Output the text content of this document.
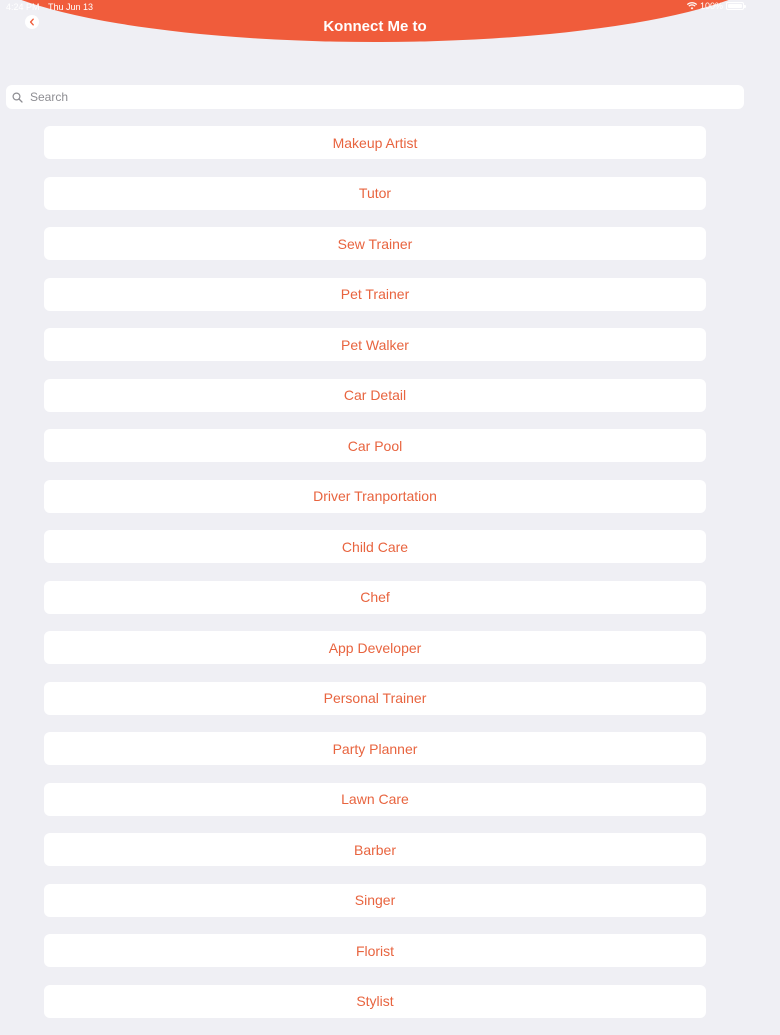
4:24 PM Thu Jun 13	100%
Konnect Me to
Search
Makeup Artist
Tutor
Sew Trainer
Pet Trainer
Pet Walker
Car Detail
Car Pool
Driver Tranportation
Child Care
Chef
App Developer
Personal Trainer
Party Planner
Lawn Care
Barber
Singer
Florist
Stylist
